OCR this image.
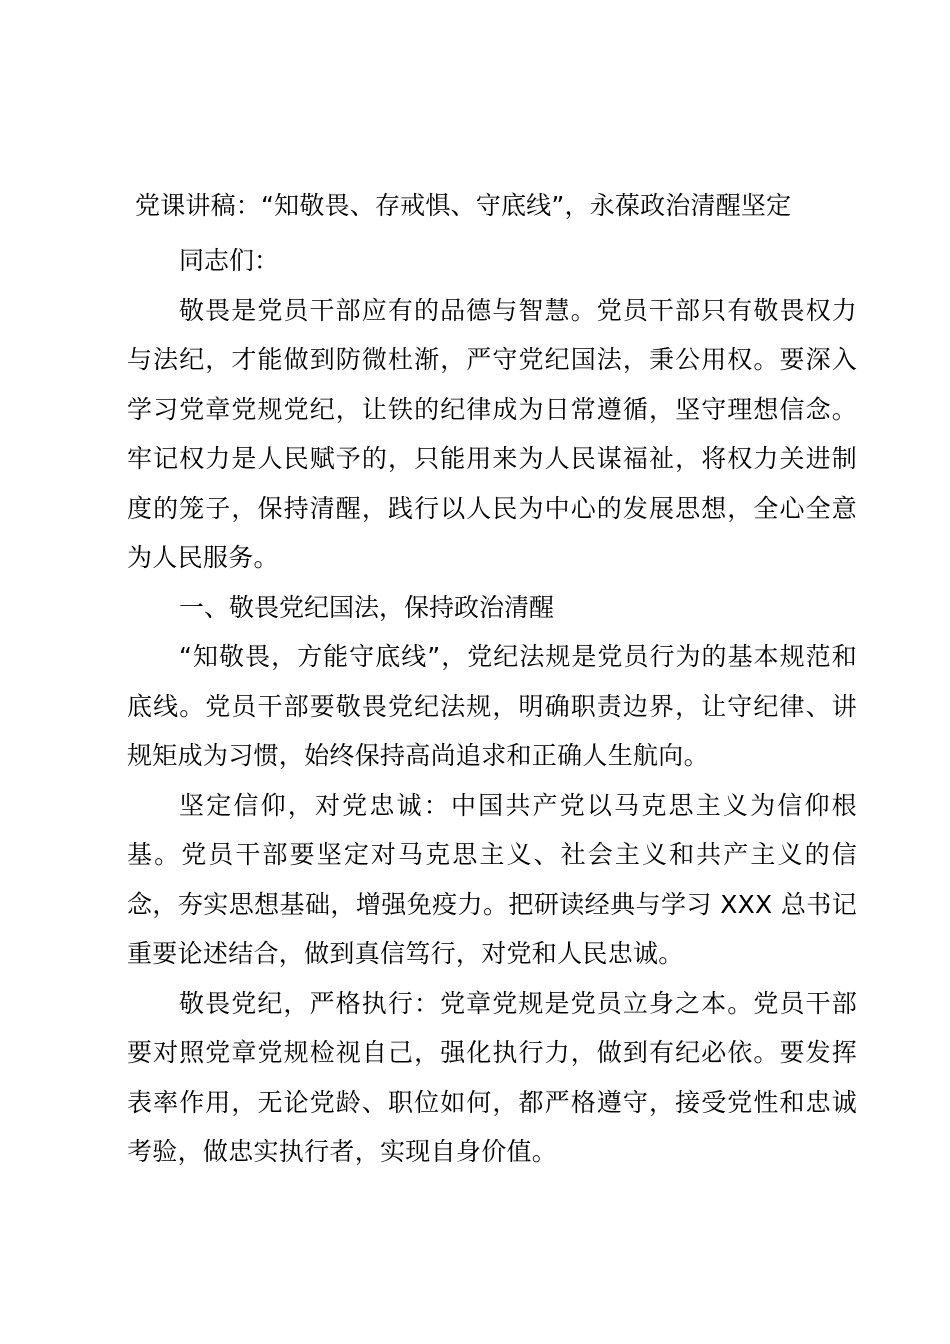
党课讲稿：“知敬畏、存戒惧、守底线”，永葆政治清醒坚定

同志们：

敬畏是党员干部应有的品德与智慧。党员干部只有敬畏权力与法纪，才能做到防微杜渐，严守党纪国法，秉公用权。要深入学习党章党规党纪，让铁的纪律成为日常遵循，坚守理想信念。牢记权力是人民赋予的，只能用来为人民谋福祉，将权力关进制度的笼子，保持清醒，践行以人民为中心的发展思想，全心全意为人民服务。

一、敬畏党纪国法，保持政治清醒

“知敬畏，方能守底线”，党纪法规是党员行为的基本规范和底线。党员干部要敬畏党纪法规，明确职责边界，让守纪律、讲规矩成为习惯，始终保持高尚追求和正确人生航向。

坚定信仰，对党忠诚：中国共产党以马克思主义为信仰根基。党员干部要坚定对马克思主义、社会主义和共产主义的信念，夯实思想基础，增强免疫力。把研读经典与学习 XXX 总书记重要论述结合，做到真信笃行，对党和人民忠诚。

敬畏党纪，严格执行：党章党规是党员立身之本。党员干部要对照党章党规检视自己，强化执行力，做到有纪必依。要发挥表率作用，无论党龄、职位如何，都严格遵守，接受党性和忠诚考验，做忠实执行者，实现自身价值。
